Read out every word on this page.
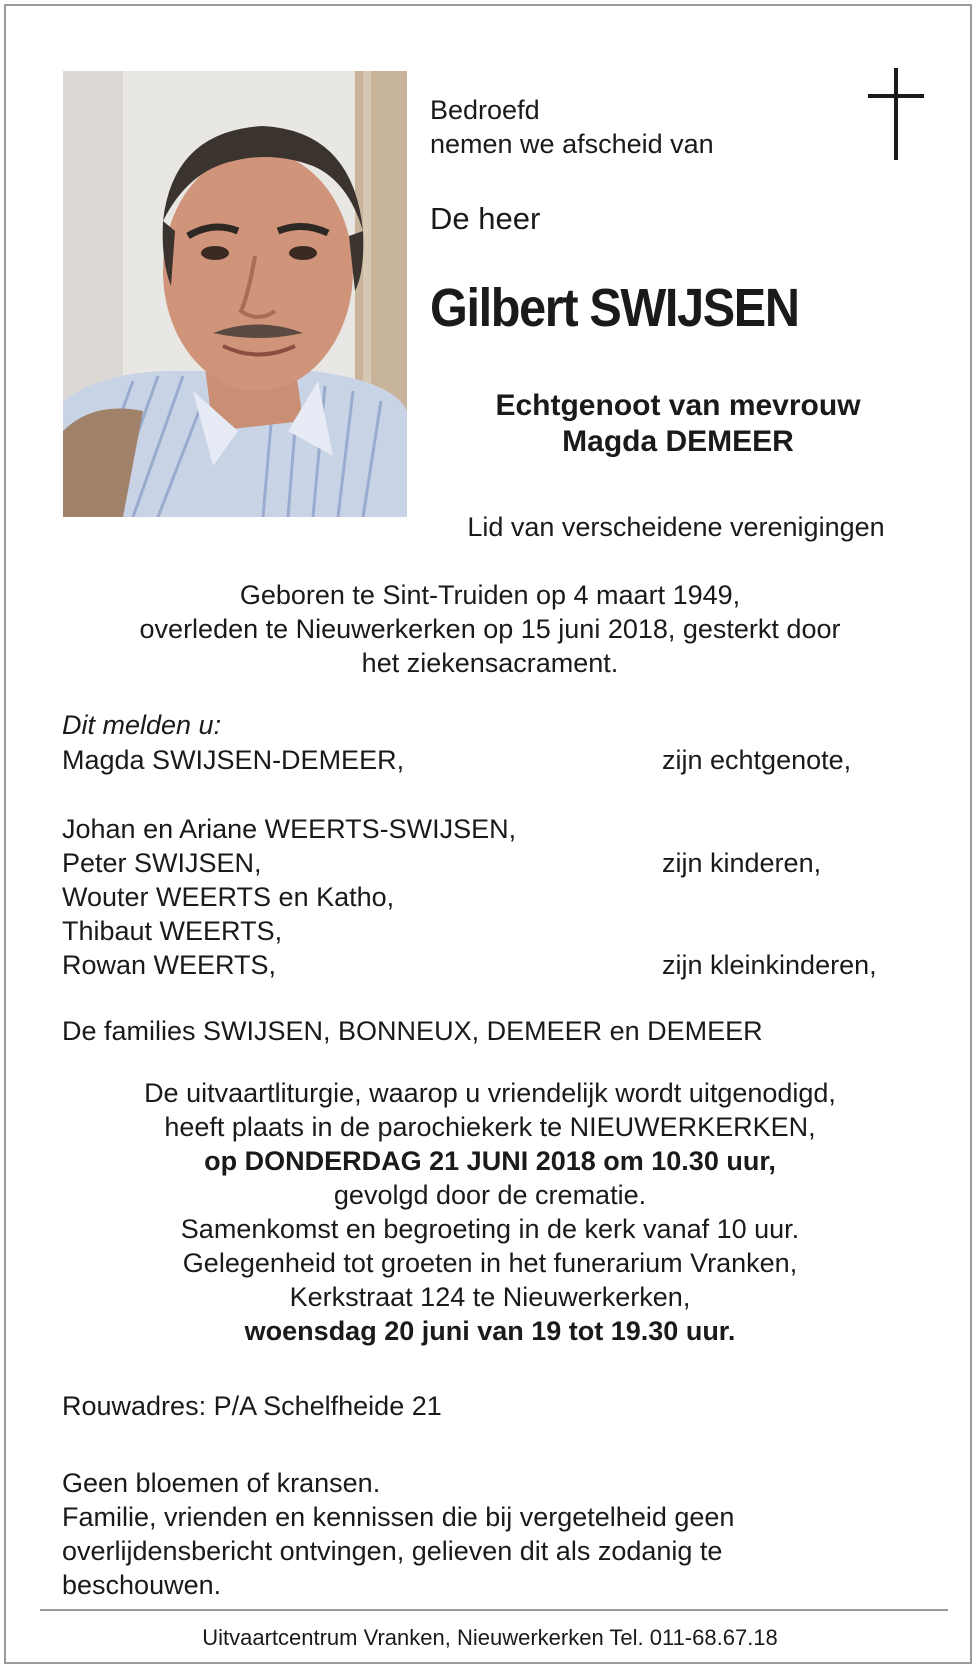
Bedroefd
nemen we afscheid van
De heer
Gilbert SWIJSEN
Echtgenoot van mevrouw
Magda DEMEER
Lid van verscheidene verenigingen
Geboren te Sint-Truiden op 4 maart 1949,
overleden te Nieuwerkerken op 15 juni 2018, gesterkt door
het ziekensacrament.
Dit melden u:
Magda SWIJSEN-DEMEER,	zijn echtgenote,
Johan en Ariane WEERTS-SWIJSEN,
Peter SWIJSEN,	zijn kinderen,
Wouter WEERTS en Katho,
Thibaut WEERTS,
Rowan WEERTS,	zijn kleinkinderen,
De families SWIJSEN, BONNEUX, DEMEER en DEMEER
De uitvaartliturgie, waarop u vriendelijk wordt uitgenodigd,
heeft plaats in de parochiekerk te NIEUWERKERKEN,
op DONDERDAG 21 JUNI 2018 om 10.30 uur,
gevolgd door de crematie.
Samenkomst en begroeting in de kerk vanaf 10 uur.
Gelegenheid tot groeten in het funerarium Vranken,
Kerkstraat 124 te Nieuwerkerken,
woensdag 20 juni van 19 tot 19.30 uur.
Rouwadres: P/A Schelfheide 21
Geen bloemen of kransen.
Familie, vrienden en kennissen die bij vergetelheid geen
overlijdensbericht ontvingen, gelieven dit als zodanig te
beschouwen.
Uitvaartcentrum Vranken, Nieuwerkerken Tel. 011-68.67.18
